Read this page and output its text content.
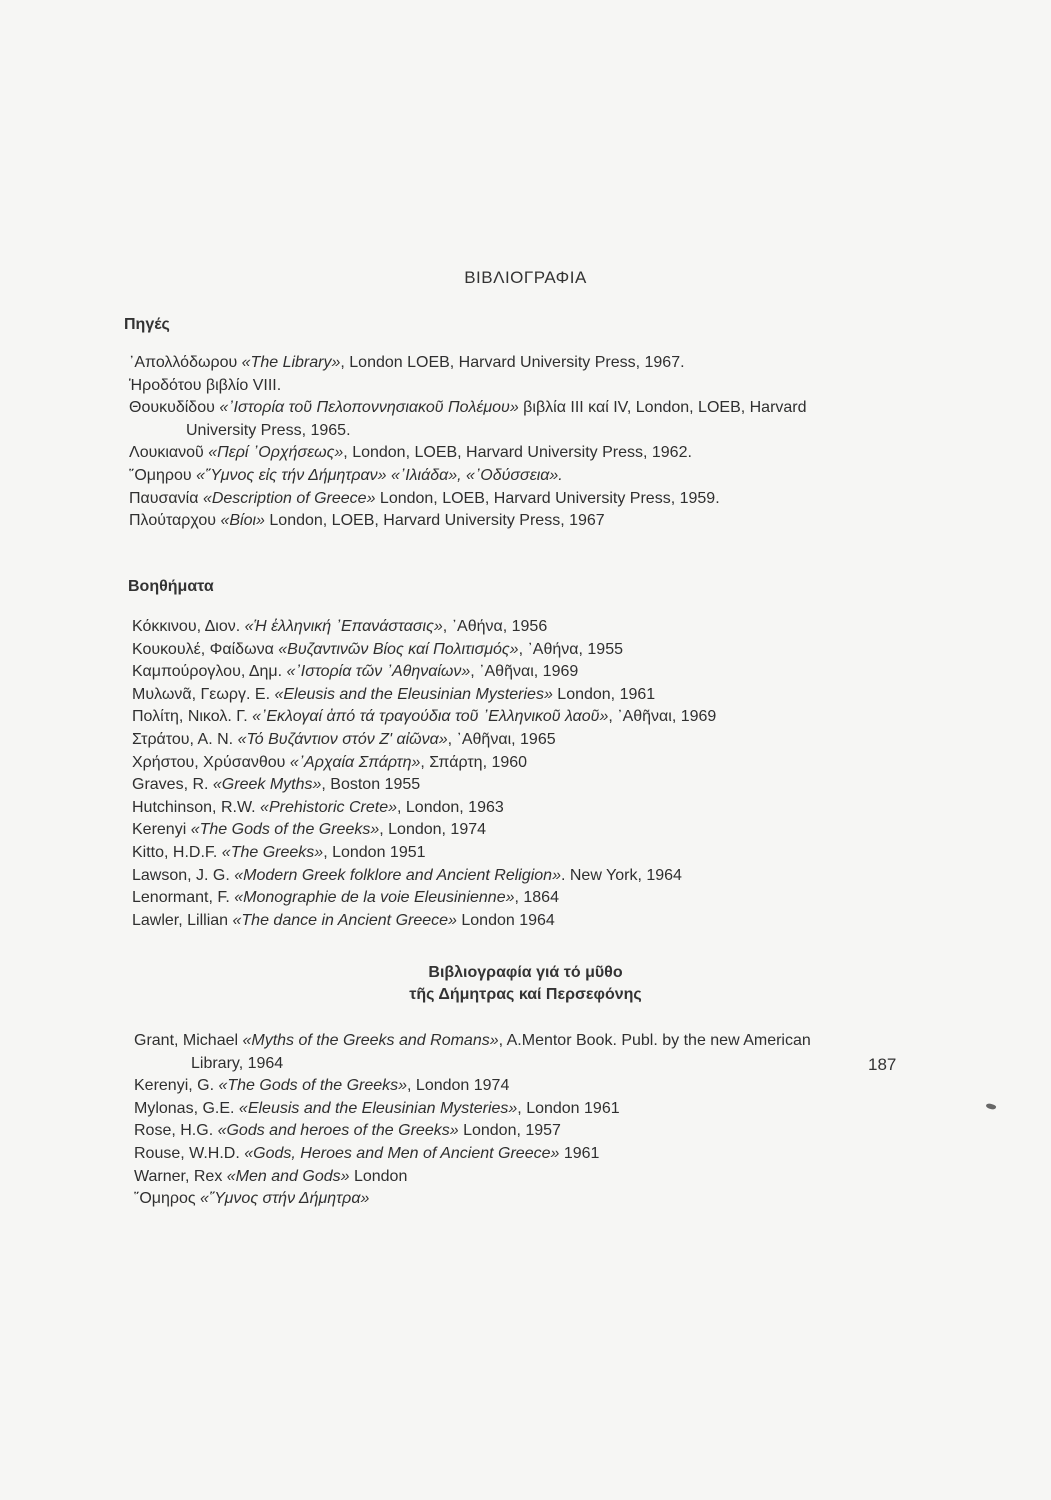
ΒΙΒΛΙΟΓΡΑΦΙΑ
Πηγές
᾽Απολλόδωρου «The Library», London LOEB, Harvard University Press, 1967.
Ἡροδότου βιβλίο VIII.
Θουκυδίδου «᾽Ιστορία τοῦ Πελοποννησιακοῦ Πολέμου» βιβλία III καί IV, London, LOEB, Harvard University Press, 1965.
Λουκιανοῦ «Περί ᾽Ορχήσεως», London, LOEB, Harvard University Press, 1962.
῞Ομηρου «῞Υμνος εἰς τήν Δήμητραν» «᾽Ιλιάδα», «᾽Οδύσσεια».
Παυσανία «Description of Greece» London, LOEB, Harvard University Press, 1959.
Πλούταρχου «Βίοι» London, LOEB, Harvard University Press, 1967
Βοηθήματα
Κόκκινου, Διον. «Ἡ ἑλληνική ᾽Επανάστασις», ᾽Αθήνα, 1956
Κουκουλέ, Φαίδωνα «Βυζαντινῶν Βίος καί Πολιτισμός», ᾽Αθήνα, 1955
Καμπούρογλου, Δημ. «᾽Ιστορία τῶν ᾽Αθηναίων», ᾽Αθῆναι, 1969
Μυλωνᾶ, Γεωργ. Ε. «Eleusis and the Eleusinian Mysteries» London, 1961
Πολίτη, Νικολ. Γ. «᾽Εκλογαί ἀπό τά τραγούδια τοῦ ᾽Ελληνικοῦ λαοῦ», ᾽Αθῆναι, 1969
Στράτου, Α. Ν. «Τό Βυζάντιον στόν Ζ' αἰῶνα», ᾽Αθῆναι, 1965
Χρήστου, Χρύσανθου «᾽Αρχαία Σπάρτη», Σπάρτη, 1960
Graves, R. «Greek Myths», Boston 1955
Hutchinson, R.W. «Prehistoric Crete», London, 1963
Kerenyi «The Gods of the Greeks», London, 1974
Kitto, H.D.F. «The Greeks», London 1951
Lawson, J. G. «Modern Greek folklore and Ancient Religion». New York, 1964
Lenormant, F. «Monographie de la voie Eleusinienne», 1864
Lawler, Lillian «The dance in Ancient Greece» London 1964
Βιβλιογραφία γιά τό μῦθο
τῆς Δήμητρας καί Περσεφόνης
Grant, Michael «Myths of the Greeks and Romans», A.Mentor Book. Publ. by the new American Library, 1964
Kerenyi, G. «The Gods of the Greeks», London 1974
Mylonas, G.E. «Eleusis and the Eleusinian Mysteries», London 1961
Rose, H.G. «Gods and heroes of the Greeks» London, 1957
Rouse, W.H.D. «Gods, Heroes and Men of Ancient Greece» 1961
Warner, Rex «Men and Gods» London
῞Ομηρος «῞Υμνος στήν Δήμητρα»
187
